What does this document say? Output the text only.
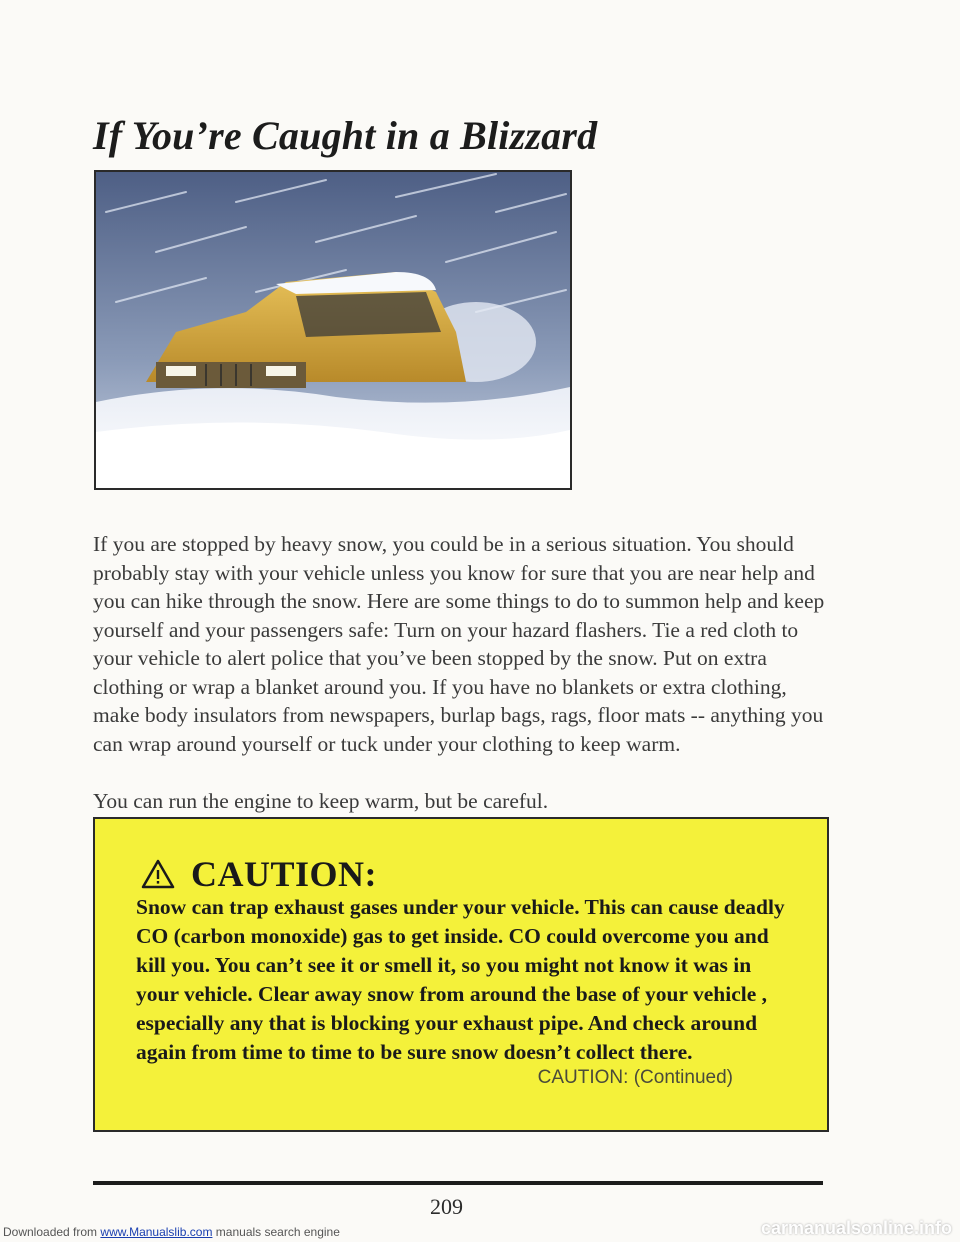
If You’re Caught in a Blizzard

If you are stopped by heavy snow, you could be in a serious situation. You should probably stay with your vehicle unless you know for sure that you are near help and you can hike through the snow. Here are some things to do to summon help and keep yourself and your passengers safe: Turn on your hazard flashers. Tie a red cloth to your vehicle to alert police that you’ve been stopped by the snow. Put on extra clothing or wrap a blanket around you. If you have no blankets or extra clothing, make body insulators from newspapers, burlap bags, rags, floor mats -- anything you can wrap around yourself or tuck under your clothing to keep warm.

You can run the engine to keep warm, but be careful.

CAUTION:

Snow can trap exhaust gases under your vehicle. This can cause deadly CO (carbon monoxide) gas to get inside. CO could overcome you and kill you. You can’t see it or smell it, so you might not know it was in your vehicle. Clear away snow from around the base of your vehicle , especially any that is blocking your exhaust pipe. And check around again from time to time to be sure snow doesn’t collect there.

CAUTION: (Continued)
209
Downloaded from www.Manualslib.com manuals search engine	carmanualsonline.info
